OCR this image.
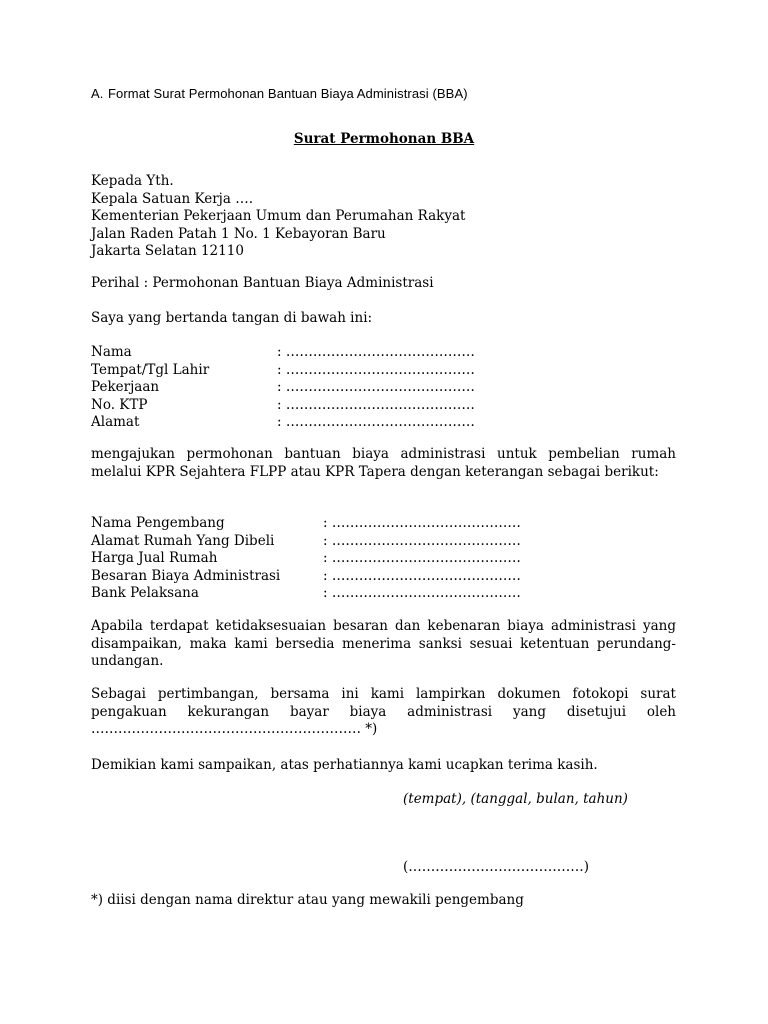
A. Format Surat Permohonan Bantuan Biaya Administrasi (BBA)
Surat Permohonan BBA
Kepada Yth.
Kepala Satuan Kerja ….
Kementerian Pekerjaan Umum dan Perumahan Rakyat
Jalan Raden Patah 1 No. 1 Kebayoran Baru
Jakarta Selatan 12110
Perihal : Permohonan Bantuan Biaya Administrasi
Saya yang bertanda tangan di bawah ini:
Nama	: ……………………………………
Tempat/Tgl Lahir	: ……………………………………
Pekerjaan	: ……………………………………
No. KTP	: ……………………………………
Alamat	: ……………………………………
mengajukan permohonan bantuan biaya administrasi untuk pembelian rumah melalui KPR Sejahtera FLPP atau KPR Tapera dengan keterangan sebagai berikut:
Nama Pengembang	: ……………………………………
Alamat Rumah Yang Dibeli	: ……………………………………
Harga Jual Rumah	: ……………………………………
Besaran Biaya Administrasi	: ……………………………………
Bank Pelaksana	: ……………………………………
Apabila terdapat ketidaksesuaian besaran dan kebenaran biaya administrasi yang disampaikan, maka kami bersedia menerima sanksi sesuai ketentuan perundang-undangan.
Sebagai pertimbangan, bersama ini kami lampirkan dokumen fotokopi surat pengakuan kekurangan bayar biaya administrasi yang disetujui oleh …………………………………………………… *)
Demikian kami sampaikan, atas perhatiannya kami ucapkan terima kasih.
(tempat), (tanggal, bulan, tahun)
(…………………………………)
*) diisi dengan nama direktur atau yang mewakili pengembang
